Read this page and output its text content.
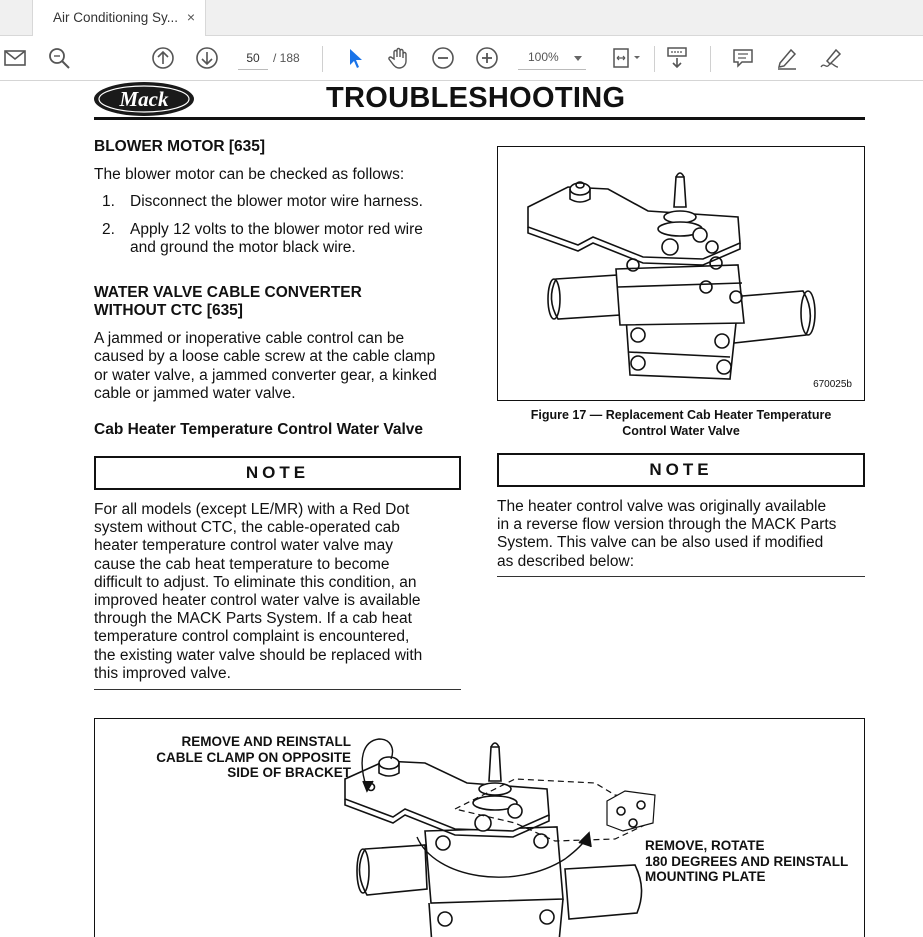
Air Conditioning Sy... ×
50
/ 188	100%
Mack	TROUBLESHOOTING
BLOWER MOTOR [635]
The blower motor can be checked as follows:
1. Disconnect the blower motor wire harness.
2. Apply 12 volts to the blower motor red wire
and ground the motor black wire.
WATER VALVE CABLE CONVERTER
WITHOUT CTC [635]
A jammed or inoperative cable control can be
caused by a loose cable screw at the cable clamp
or water valve, a jammed converter gear, a kinked
cable or jammed water valve.
Cab Heater Temperature Control Water Valve
NOTE
For all models (except LE/MR) with a Red Dot
system without CTC, the cable-operated cab
heater temperature control water valve may
cause the cab heat temperature to become
difficult to adjust. To eliminate this condition, an
improved heater control water valve is available
through the MACK Parts System. If a cab heat
temperature control complaint is encountered,
the existing water valve should be replaced with
this improved valve.
670025b
Figure 17 — Replacement Cab Heater Temperature
Control Water Valve
NOTE
The heater control valve was originally available
in a reverse flow version through the MACK Parts
System. This valve can be also used if modified
as described below:
REMOVE AND REINSTALL
CABLE CLAMP ON OPPOSITE
SIDE OF BRACKET
REMOVE, ROTATE
180 DEGREES AND REINSTALL
MOUNTING PLATE
